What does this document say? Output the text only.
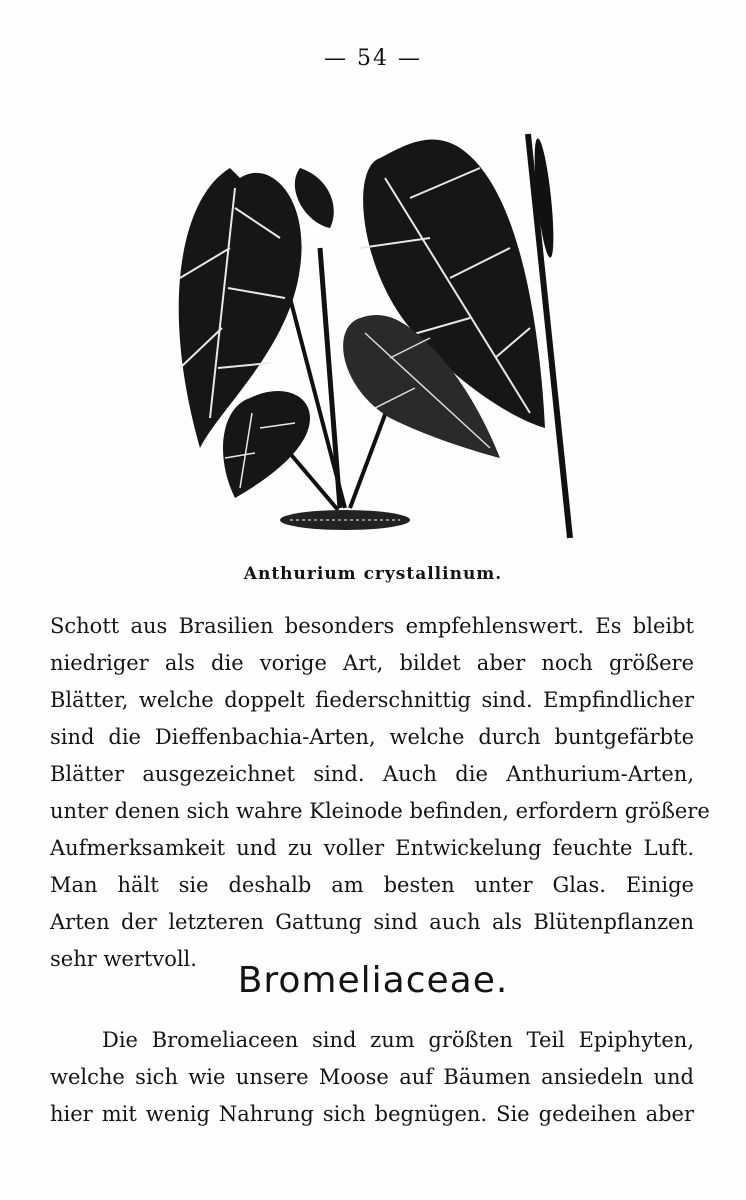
— 54 —
Anthurium crystallinum.
Schott aus Brasilien besonders empfehlenswert. Es bleibt
niedriger als die vorige Art, bildet aber noch größere
Blätter, welche doppelt fiederschnittig sind. Empfindlicher
sind die Dieffenbachia-Arten, welche durch buntgefärbte
Blätter ausgezeichnet sind. Auch die Anthurium-Arten,
unter denen sich wahre Kleinode befinden, erfordern größere
Aufmerksamkeit und zu voller Entwickelung feuchte Luft.
Man hält sie deshalb am besten unter Glas. Einige
Arten der letzteren Gattung sind auch als Blütenpflanzen
sehr wertvoll.
Bromeliaceae.
Die Bromeliaceen sind zum größten Teil Epiphyten,
welche sich wie unsere Moose auf Bäumen ansiedeln und
hier mit wenig Nahrung sich begnügen. Sie gedeihen aber
